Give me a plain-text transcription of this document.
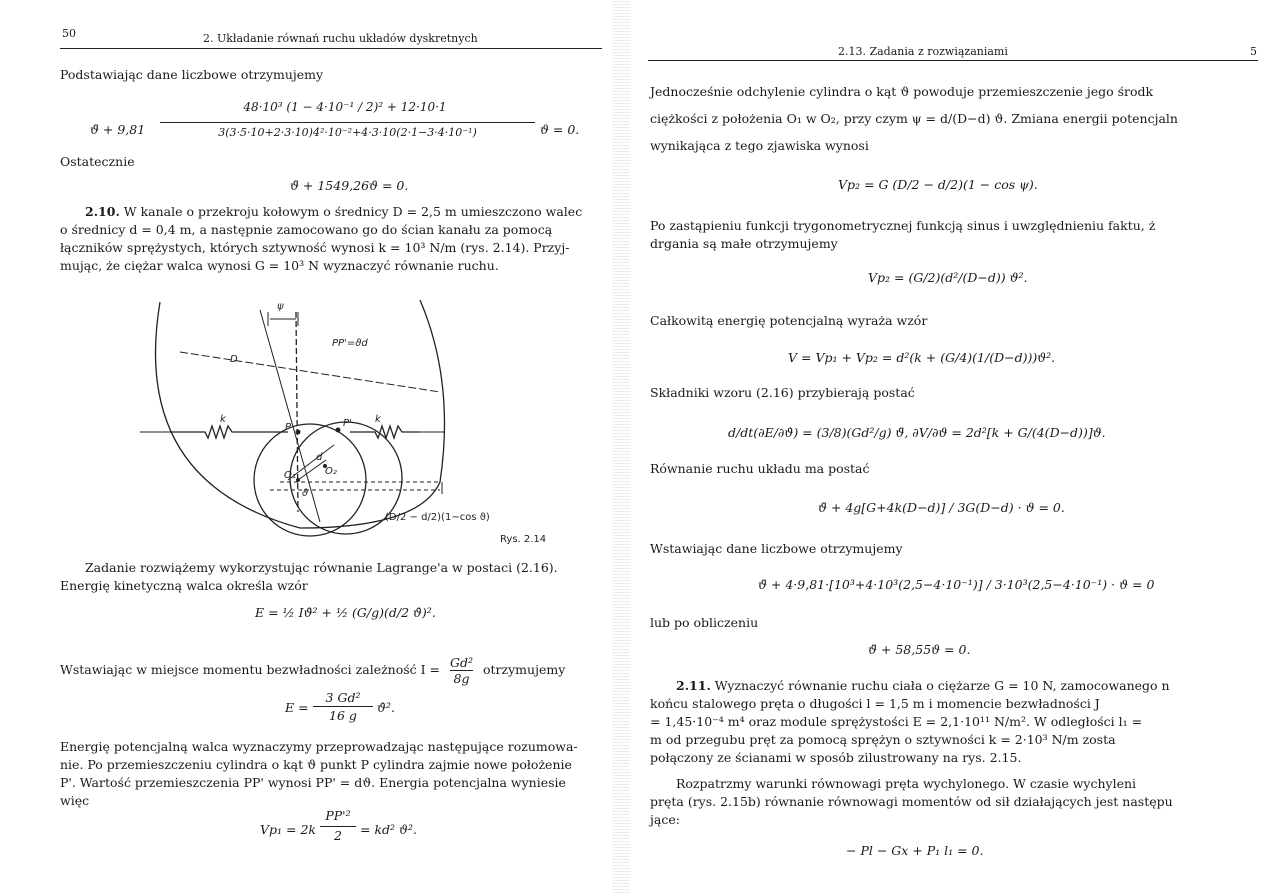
50	2. Układanie równań ruchu układów dyskretnych
Podstawiając dane liczbowe otrzymujemy
ϑ̈ + 9,81
48·10³ (1 − 4·10⁻¹ / 2)² + 12·10·1
3(3·5·10+2·3·10)4²·10⁻²+4·3·10(2·1−3·4·10⁻¹)	ϑ = 0.
Ostatecznie
ϑ̈ + 1549,26ϑ = 0.
2.10. W kanale o przekroju kołowym o średnicy D = 2,5 m umieszczono walec
o średnicy d = 0,4 m, a następnie zamocowano go do ścian kanału za pomocą
łączników sprężystych, których sztywność wynosi k = 10³ N/m (rys. 2.14). Przyj-
mując, że ciężar walca wynosi G = 10³ N wyznaczyć równanie ruchu.
PP'=ϑd
D
k	k
P	P'
d
O₁	O₂
ϑ
ψ
(D/2 − d/2)(1−cos ϑ)
Rys. 2.14
Zadanie rozwiążemy wykorzystując równanie Lagrange'a w postaci (2.16).
Energię kinetyczną walca określa wzór
E = ½ Iϑ̇² + ½ (G/g)(d/2 ϑ̇)².
Wstawiając w miejsce momentu bezwładności zależność $I = \frac{\text{Gd²}}{8g}$ otrzymujemy
E =
3 Gd²
16 g
ϑ̇².
Energię potencjalną walca wyznaczymy przeprowadzając następujące rozumowa-
nie. Po przemieszczeniu cylindra o kąt ϑ punkt P cylindra zajmie nowe położenie
P'. Wartość przemieszczenia PP' wynosi PP' = dϑ. Energia potencjalna wyniesie
więc
Vp₁ = 2k
PP'²
2	= kd² ϑ².
2.13. Zadania z rozwiązaniami	5
Jednocześnie odchylenie cylindra o kąt ϑ powoduje przemieszczenie jego środk
ciężkości z położenia O₁ w O₂, przy czym ψ = d/(D−d) ϑ. Zmiana energii potencjaln
wynikająca z tego zjawiska wynosi
Vp₂ = G (D/2 − d/2)(1 − cos ψ).
Po zastąpieniu funkcji trygonometrycznej funkcją sinus i uwzględnieniu faktu, ż
drgania są małe otrzymujemy
Vp₂ = (G/2)(d²/(D−d)) ϑ².
Całkowitą energię potencjalną wyraża wzór
V = Vp₁ + Vp₂ = d²(k + (G/4)(1/(D−d)))ϑ².
Składniki wzoru (2.16) przybierają postać
d/dt(∂E/∂ϑ̇) = (3/8)(Gd²/g) ϑ̈, ∂V/∂ϑ = 2d²[k + G/(4(D−d))]ϑ.
Równanie ruchu układu ma postać
ϑ̈ + 4g[G+4k(D−d)] / 3G(D−d) · ϑ = 0.
Wstawiając dane liczbowe otrzymujemy
ϑ̈ + 4·9,81·[10³+4·10³(2,5−4·10⁻¹)] / 3·10³(2,5−4·10⁻¹) · ϑ = 0
lub po obliczeniu
ϑ̈ + 58,55ϑ = 0.
2.11. Wyznaczyć równanie ruchu ciała o ciężarze G = 10 N, zamocowanego n
końcu stalowego pręta o długości l = 1,5 m i momencie bezwładności J
= 1,45·10⁻⁴ m⁴ oraz module sprężystości E = 2,1·10¹¹ N/m². W odległości l₁ =
m od przegubu pręt za pomocą sprężyn o sztywności k = 2·10³ N/m zosta
połączony ze ścianami w sposób zilustrowany na rys. 2.15.
Rozpatrzmy warunki równowagi pręta wychylonego. W czasie wychyleni
pręta (rys. 2.15b) równanie równowagi momentów od sił działających jest następu
jące:
− Pl − Gx + P₁ l₁ = 0.
